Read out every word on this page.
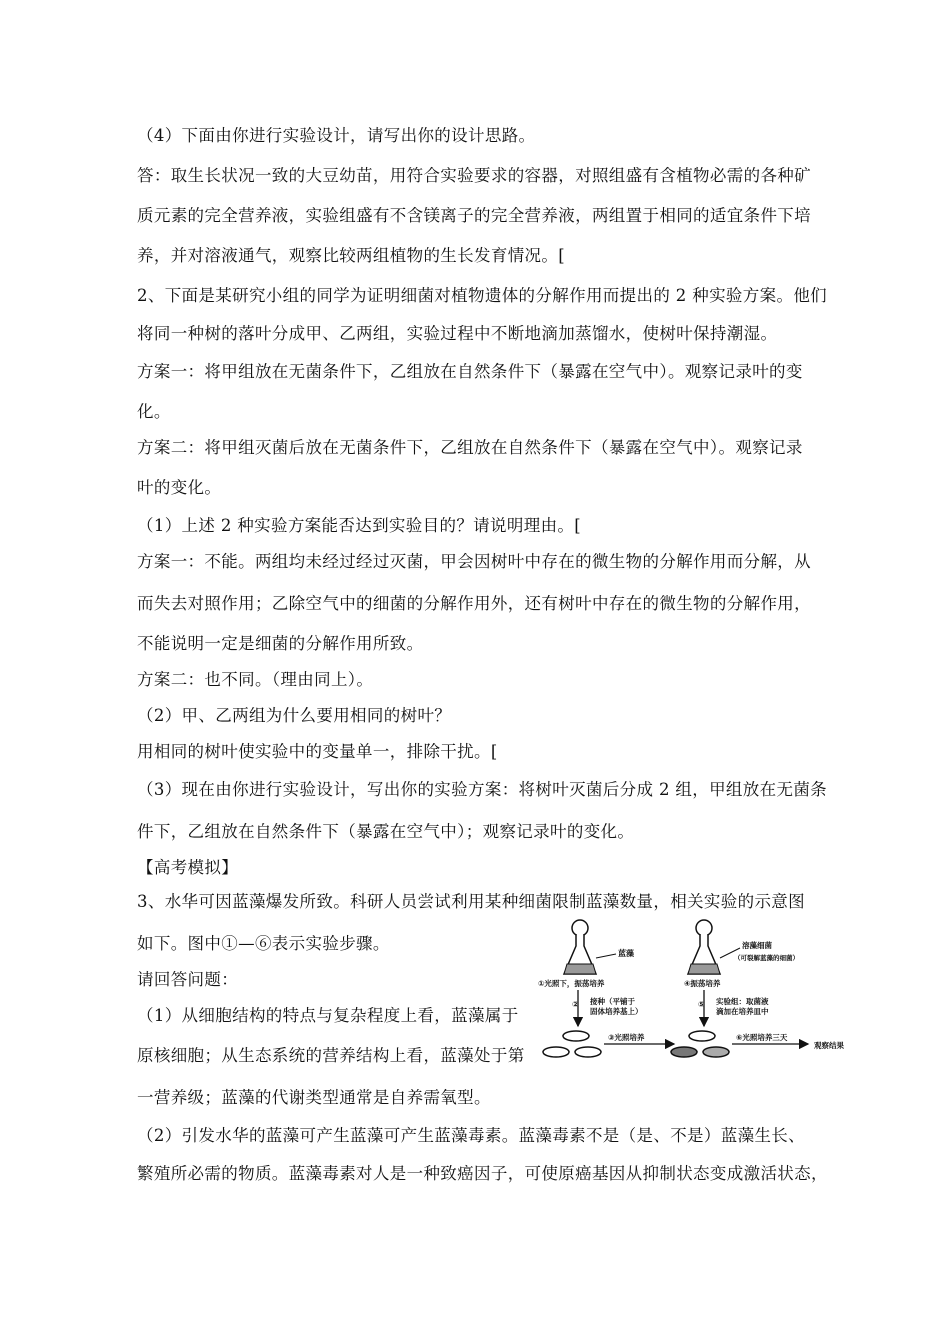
（4）下面由你进行实验设计，请写出你的设计思路。
答：取生长状况一致的大豆幼苗，用符合实验要求的容器，对照组盛有含植物必需的各种矿
质元素的完全营养液，实验组盛有不含镁离子的完全营养液，两组置于相同的适宜条件下培
养，并对溶液通气，观察比较两组植物的生长发育情况。[
2、下面是某研究小组的同学为证明细菌对植物遗体的分解作用而提出的 2 种实验方案。他们
将同一种树的落叶分成甲、乙两组，实验过程中不断地滴加蒸馏水，使树叶保持潮湿。
方案一：将甲组放在无菌条件下，乙组放在自然条件下（暴露在空气中）。观察记录叶的变
化。
方案二：将甲组灭菌后放在无菌条件下，乙组放在自然条件下（暴露在空气中）。观察记录
叶的变化。
（1）上述 2 种实验方案能否达到实验目的？请说明理由。[
方案一：不能。两组均未经过经过灭菌，甲会因树叶中存在的微生物的分解作用而分解，从
而失去对照作用；乙除空气中的细菌的分解作用外，还有树叶中存在的微生物的分解作用，
不能说明一定是细菌的分解作用所致。
方案二：也不同。（理由同上）。
（2）甲、乙两组为什么要用相同的树叶？
用相同的树叶使实验中的变量单一，排除干扰。[
（3）现在由你进行实验设计，写出你的实验方案：将树叶灭菌后分成 2 组，甲组放在无菌条
件下，乙组放在自然条件下（暴露在空气中）；观察记录叶的变化。
【高考模拟】
3、水华可因蓝藻爆发所致。科研人员尝试利用某种细菌限制蓝藻数量，相关实验的示意图
如下。图中①—⑥表示实验步骤。
请回答问题：
（1）从细胞结构的特点与复杂程度上看，蓝藻属于
原核细胞；从生态系统的营养结构上看，蓝藻处于第
一营养级；蓝藻的代谢类型通常是自养需氧型。
（2）引发水华的蓝藻可产生蓝藻可产生蓝藻毒素。蓝藻毒素不是（是、不是）蓝藻生长、
繁殖所必需的物质。蓝藻毒素对人是一种致癌因子，可使原癌基因从抑制状态变成激活状态，
蓝藻
①光照下，振荡培养
溶藻细菌
（可裂解蓝藻的细菌）
④振荡培养
② 接种（平铺于
固体培养基上）
⑤ 实验组：取菌液
滴加在培养皿中
③光照培养	⑥光照培养三天
观察结果
